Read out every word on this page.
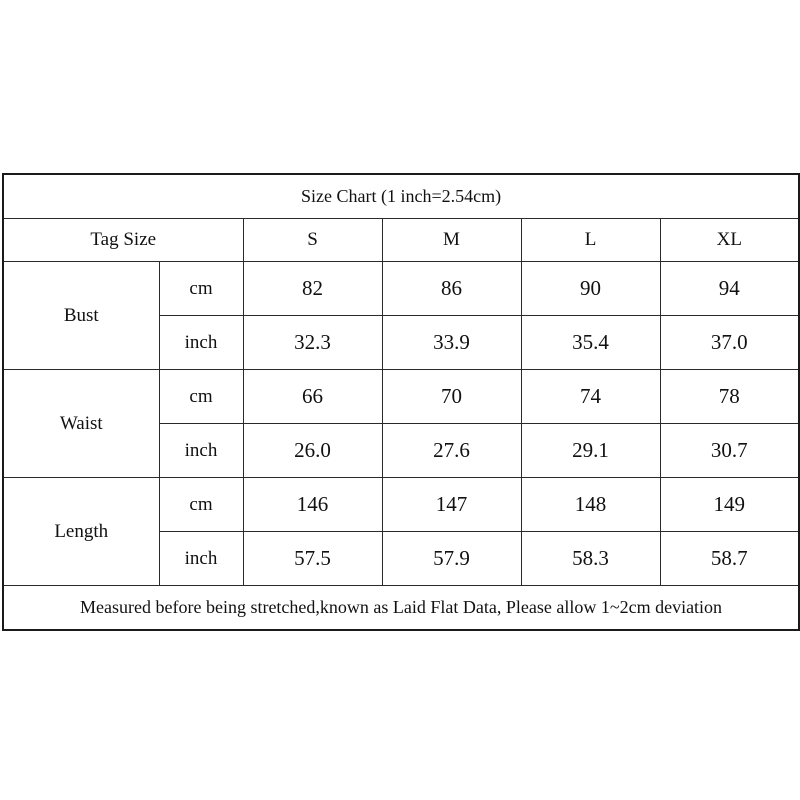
Size Chart (1 inch=2.54cm)					
Tag Size		S	M	L	XL
Bust	cm	82	86	90	94
	inch	32.3	33.9	35.4	37.0
Waist	cm	66	70	74	78
	inch	26.0	27.6	29.1	30.7
Length	cm	146	147	148	149
	inch	57.5	57.9	58.3	58.7
Measured before being stretched,known as Laid Flat Data, Please allow 1~2cm deviation					
